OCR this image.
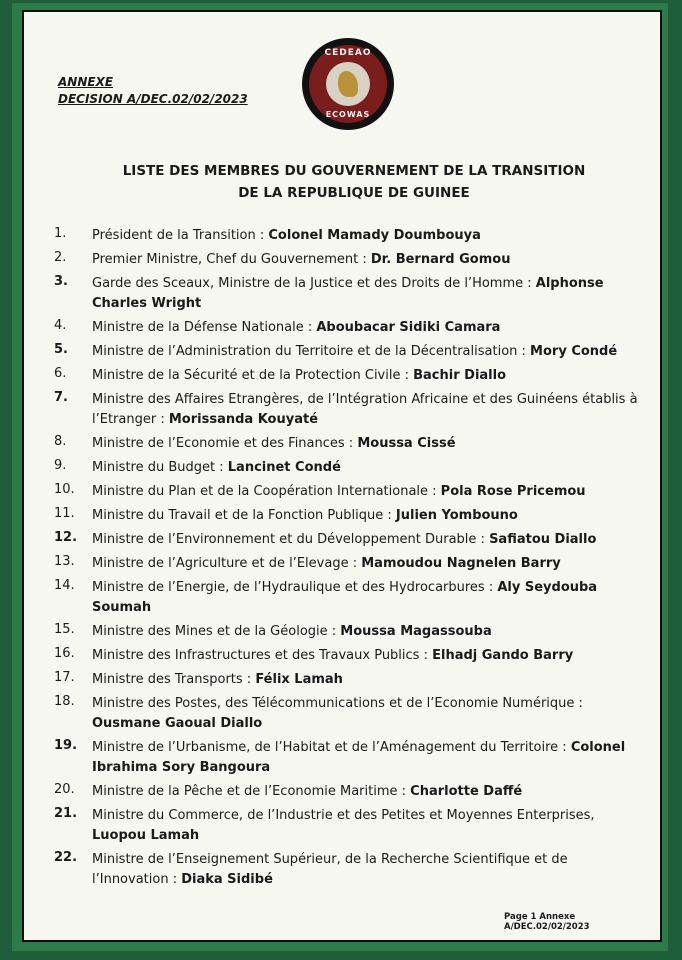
ANNEXE
DECISION A/DEC.02/02/2023
CEDEAO
ECOWAS
LISTE DES MEMBRES DU GOUVERNEMENT DE LA TRANSITION
DE LA REPUBLIQUE DE GUINEE
1.	Président de la Transition : Colonel Mamady Doumbouya
2.	Premier Ministre, Chef du Gouvernement : Dr. Bernard Gomou
3.	Garde des Sceaux, Ministre de la Justice et des Droits de l’Homme : Alphonse
Charles Wright
4.	Ministre de la Défense Nationale : Aboubacar Sidiki Camara
5.	Ministre de l’Administration du Territoire et de la Décentralisation : Mory Condé
6.	Ministre de la Sécurité et de la Protection Civile : Bachir Diallo
7.	Ministre des Affaires Etrangères, de l’Intégration Africaine et des Guinéens établis à
l’Etranger : Morissanda Kouyaté
8.	Ministre de l’Economie et des Finances : Moussa Cissé
9.	Ministre du Budget : Lancinet Condé
10.	Ministre du Plan et de la Coopération Internationale : Pola Rose Pricemou
11.	Ministre du Travail et de la Fonction Publique : Julien Yombouno
12.	Ministre de l’Environnement et du Développement Durable : Safiatou Diallo
13.	Ministre de l’Agriculture et de l’Elevage : Mamoudou Nagnelen Barry
14.	Ministre de l’Energie, de l’Hydraulique et des Hydrocarbures : Aly Seydouba
Soumah
15.	Ministre des Mines et de la Géologie : Moussa Magassouba
16.	Ministre des Infrastructures et des Travaux Publics : Elhadj Gando Barry
17.	Ministre des Transports : Félix Lamah
18.	Ministre des Postes, des Télécommunications et de l’Economie Numérique :
Ousmane Gaoual Diallo
19.	Ministre de l’Urbanisme, de l’Habitat et de l’Aménagement du Territoire : Colonel
Ibrahima Sory Bangoura
20.	Ministre de la Pêche et de l’Economie Maritime : Charlotte Daffé
21.	Ministre du Commerce, de l’Industrie et des Petites et Moyennes Enterprises,
Luopou Lamah
22.	Ministre de l’Enseignement Supérieur, de la Recherche Scientifique et de
l’Innovation : Diaka Sidibé
Page 1 Annexe A/DEC.02/02/2023
